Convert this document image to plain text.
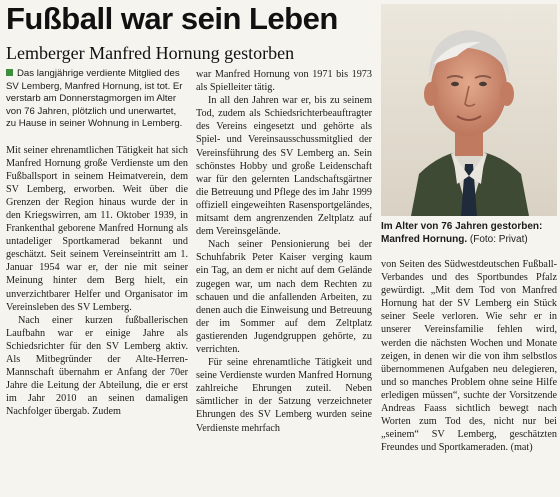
Fußball war sein Leben
Lemberger Manfred Hornung gestorben

Das langjährige verdiente Mitglied des SV Lemberg, Manfred Hornung, ist tot. Er verstarb am Donnerstagmorgen im Alter von 76 Jahren, plötzlich und unerwartet, zu Hause in seiner Wohnung in Lemberg.

Mit seiner ehrenamtlichen Tätigkeit hat sich Manfred Hornung große Verdienste um den Fußballsport in seinem Heimatverein, dem SV Lemberg, erworben. Weit über die Grenzen der Region hinaus wurde der in den Kriegswirren, am 11. Oktober 1939, in Frankenthal geborene Manfred Hornung als untadeliger Sportkamerad bekannt und geschätzt. Seit seinem Vereinseintritt am 1. Januar 1954 war er, der nie mit seiner Meinung hinter dem Berg hielt, ein unverzichtbarer Helfer und Organisator im Vereinsleben des SV Lemberg.

Nach einer kurzen fußballerischen Laufbahn war er einige Jahre als Schiedsrichter für den SV Lemberg aktiv. Als Mitbegründer der Alte-Herren-Mannschaft übernahm er Anfang der 70er Jahre die Leitung der Abteilung, die er erst im Jahr 2010 an seinen damaligen Nachfolger übergab. Zudem

war Manfred Hornung von 1971 bis 1973 als Spielleiter tätig.

In all den Jahren war er, bis zu seinem Tod, zudem als Schiedsrichterbeauftragter des Vereins eingesetzt und gehörte als Spiel- und Vereinsausschussmitglied der Vereinsführung des SV Lemberg an. Sein schönstes Hobby und große Leidenschaft war für den gelernten Landschaftsgärtner die Betreuung und Pflege des im Jahr 1999 offiziell eingeweihten Rasensportgeländes, mitsamt dem angrenzenden Zeltplatz auf dem Vereinsgelände.

Nach seiner Pensionierung bei der Schuhfabrik Peter Kaiser verging kaum ein Tag, an dem er nicht auf dem Gelände zugegen war, um nach dem Rechten zu schauen und die anfallenden Arbeiten, zu denen auch die Einweisung und Betreuung der im Sommer auf dem Zeltplatz gastierenden Jugendgruppen gehörte, zu verrichten.

Für seine ehrenamtliche Tätigkeit und seine Verdienste wurden Manfred Hornung zahlreiche Ehrungen zuteil. Neben sämtlicher in der Satzung verzeichneter Ehrungen des SV Lemberg wurden seine Verdienste mehrfach

Im Alter von 76 Jahren gestorben: Manfred Hornung. (Foto: Privat)

von Seiten des Südwestdeutschen Fußball-Verbandes und des Sportbundes Pfalz gewürdigt. „Mit dem Tod von Manfred Hornung hat der SV Lemberg ein Stück seiner Seele verloren. Wie sehr er in unserer Vereinsfamilie fehlen wird, werden die nächsten Wochen und Monate zeigen, in denen wir die von ihm selbstlos übernommenen Aufgaben neu delegieren, und so manches Problem ohne seine Hilfe erledigen müssen“, suchte der Vorsitzende Andreas Faass sichtlich bewegt nach Worten zum Tod des, nicht nur bei „seinem“ SV Lemberg, geschätzten Freundes und Sportkameraden. (mat)
